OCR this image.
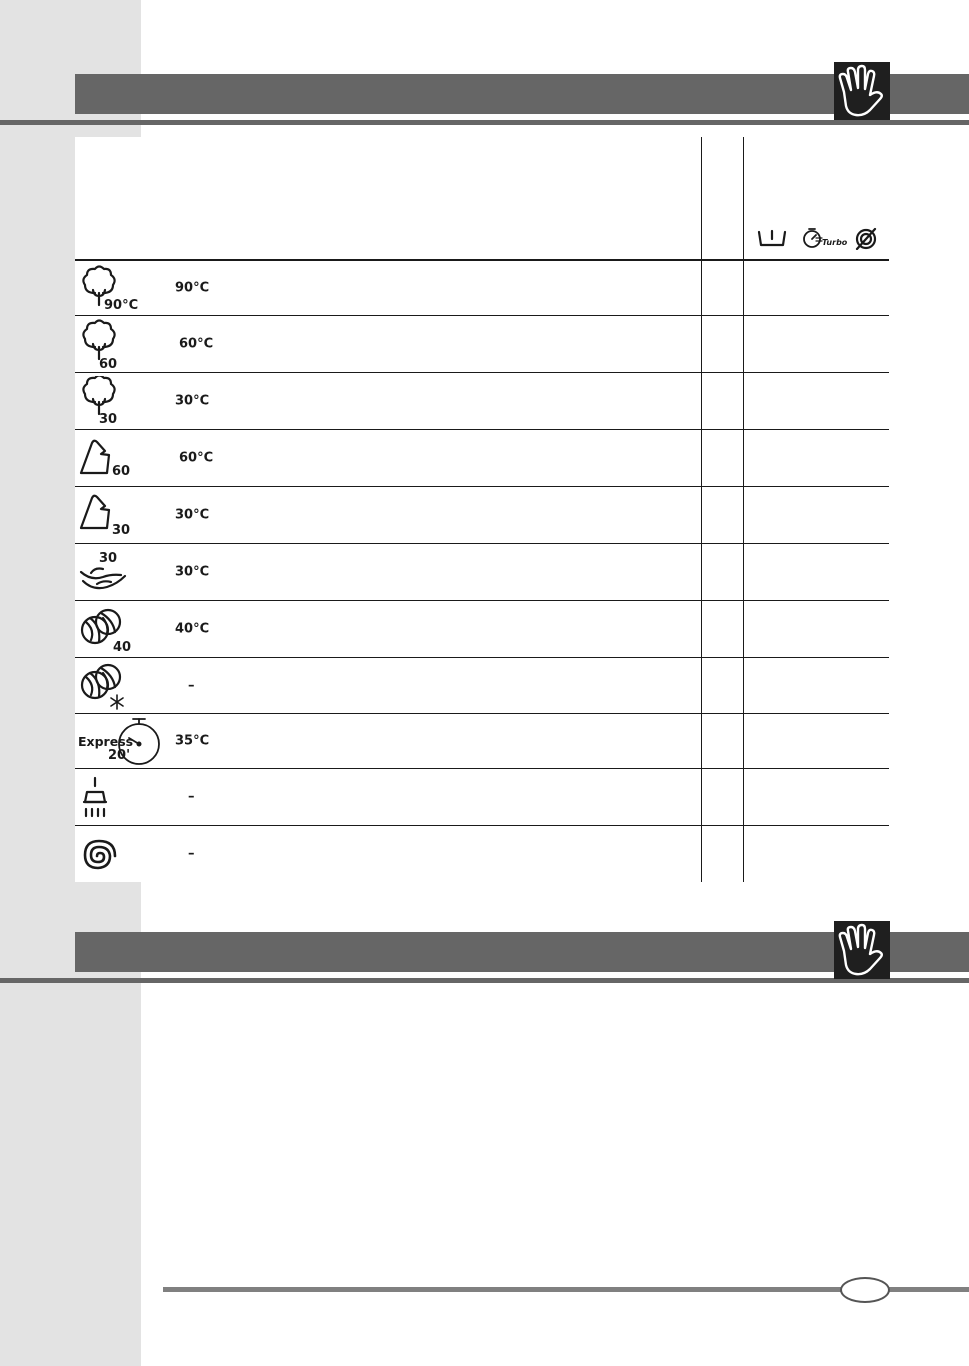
Turbo
90°C
90°C
60
60°C
30
30°C
60
60°C
30
30°C
30
30°C
40
40°C
–
Express
20'
35°C
–
–
